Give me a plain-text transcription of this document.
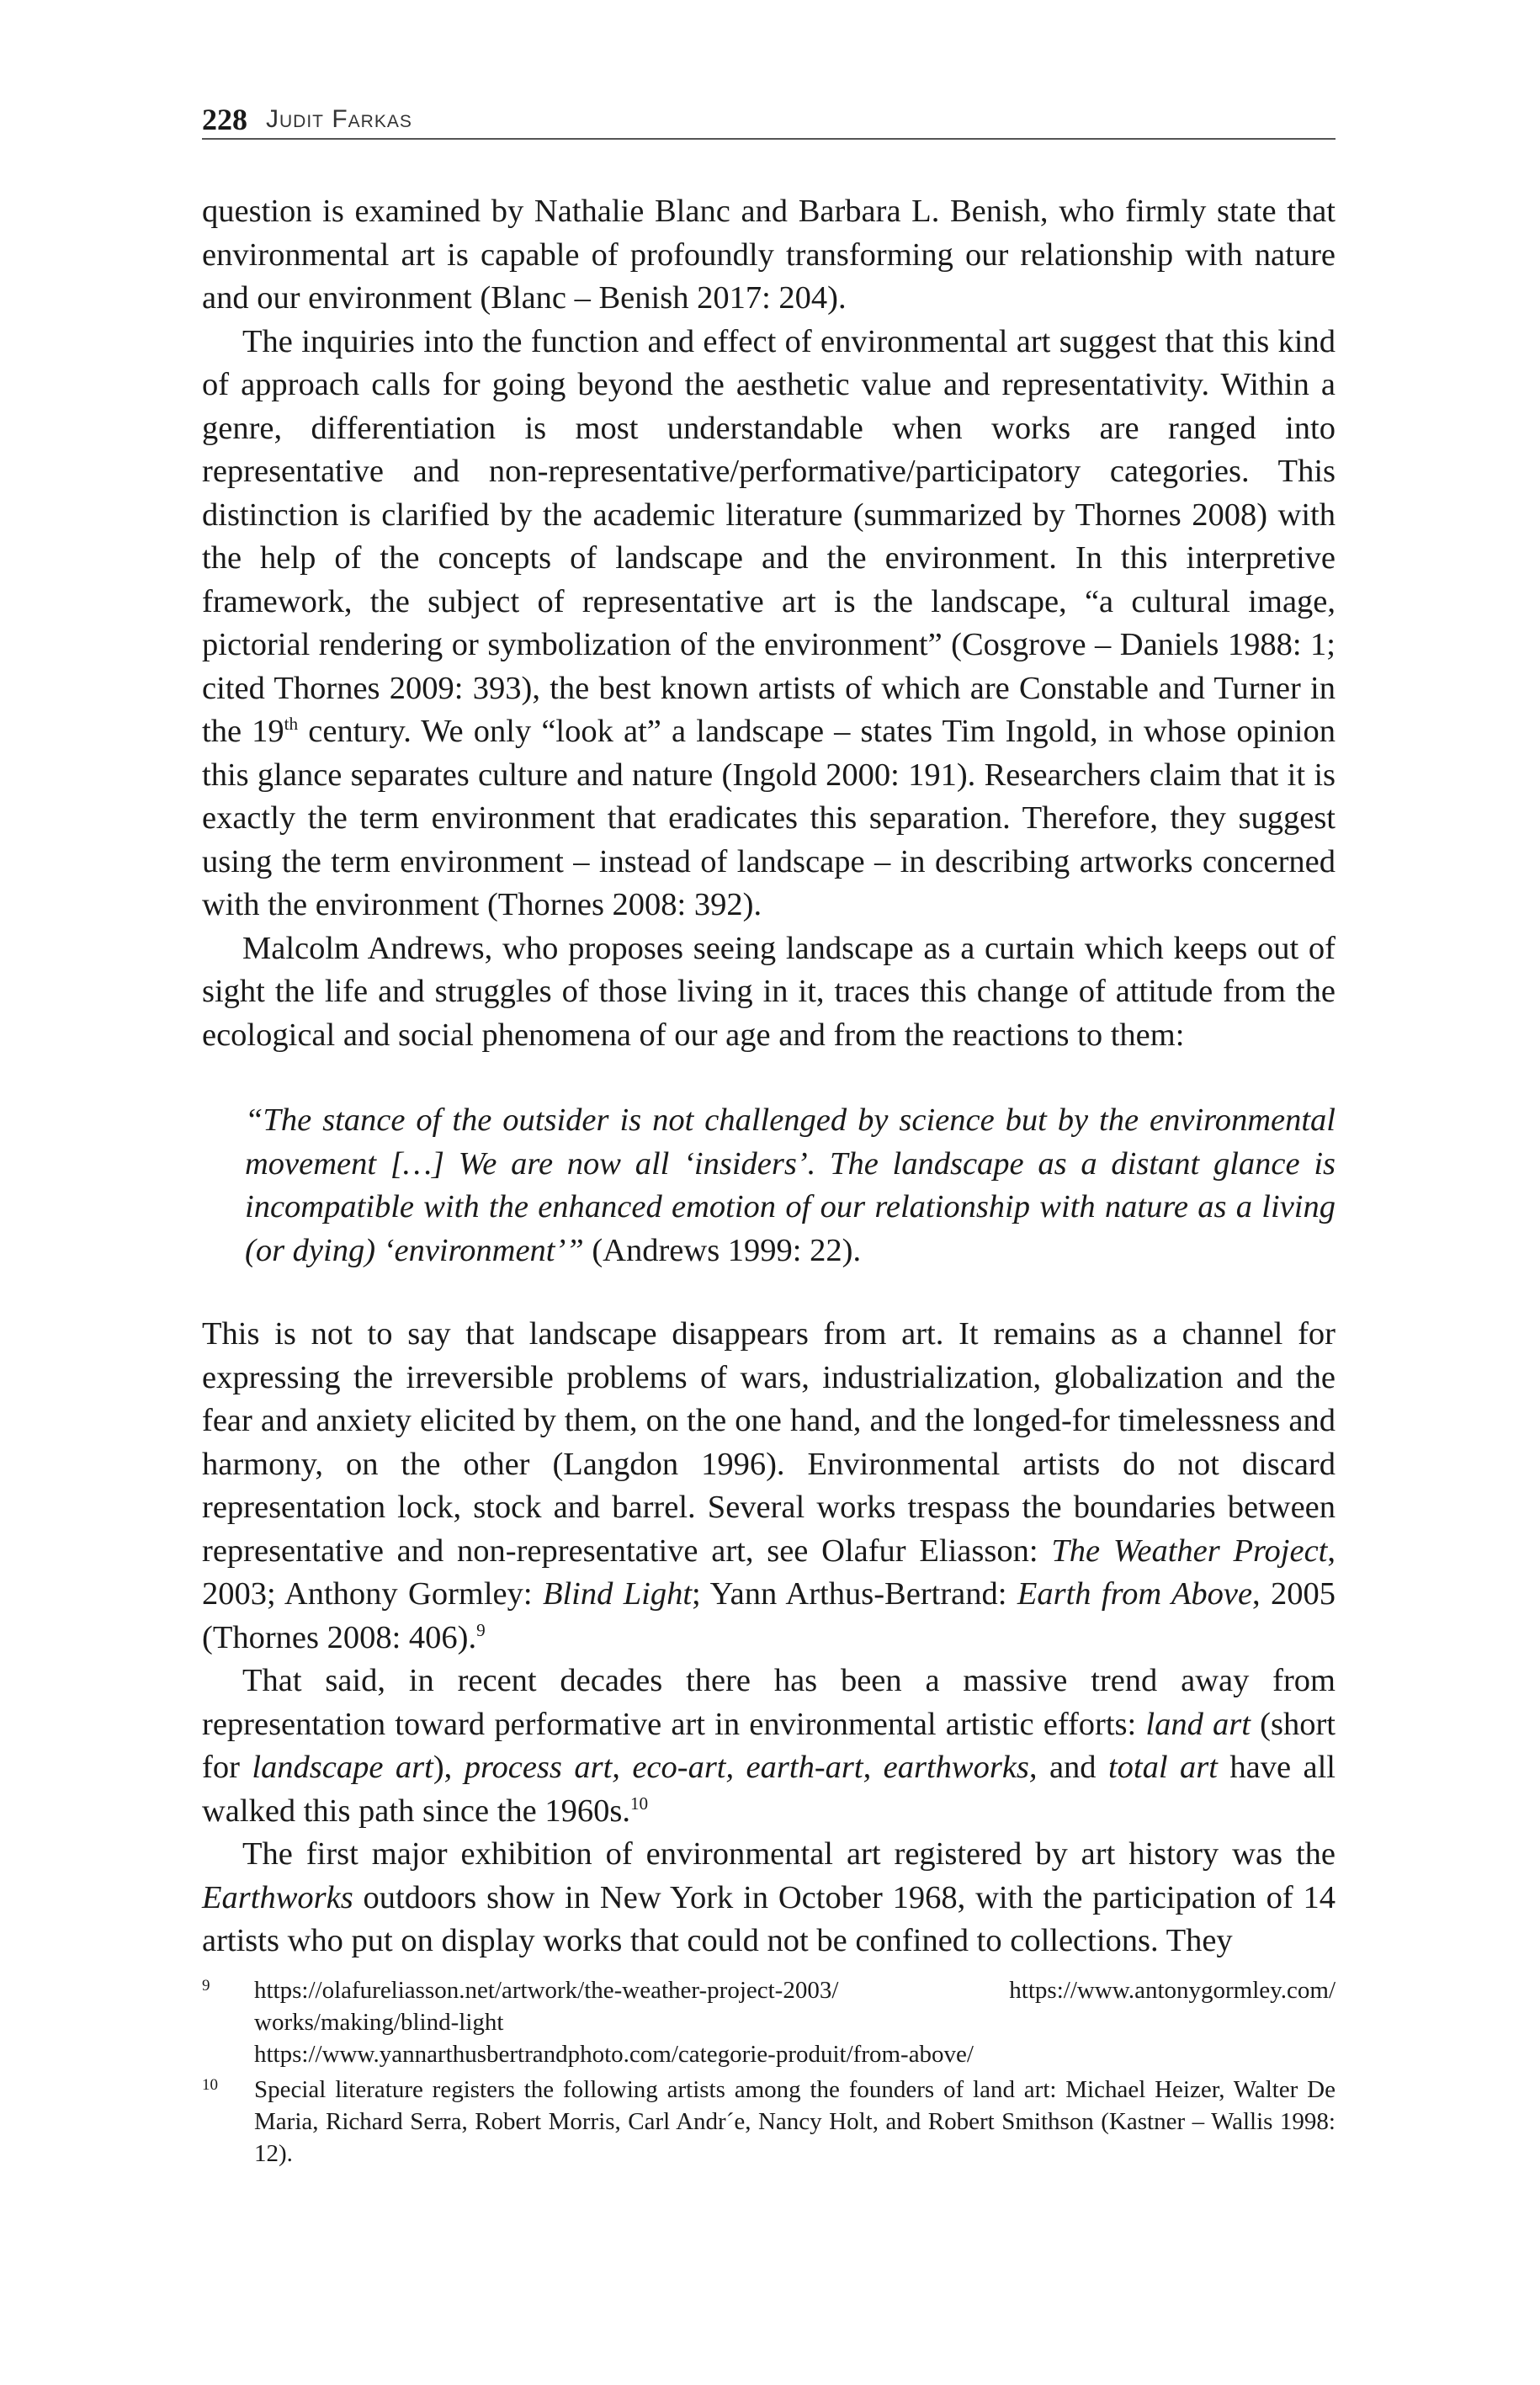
228 Judit Farkas

question is examined by Nathalie Blanc and Barbara L. Benish, who firmly state that environmental art is capable of profoundly transforming our relationship with nature and our environment (Blanc – Benish 2017: 204).

The inquiries into the function and effect of environmental art suggest that this kind of approach calls for going beyond the aesthetic value and representativity. Within a genre, differentiation is most understandable when works are ranged into representative and non-representative/performative/participatory categories. This distinction is clarified by the academic literature (summarized by Thornes 2008) with the help of the concepts of landscape and the environment. In this interpretive framework, the subject of representative art is the landscape, “a cultural image, pictorial rendering or symbolization of the environment” (Cosgrove – Daniels 1988: 1; cited Thornes 2009: 393), the best known artists of which are Constable and Turner in the 19th century. We only “look at” a landscape – states Tim Ingold, in whose opinion this glance separates culture and nature (Ingold 2000: 191). Researchers claim that it is exactly the term environment that eradicates this separation. Therefore, they suggest using the term environment – instead of landscape – in describing artworks concerned with the environment (Thornes 2008: 392).

Malcolm Andrews, who proposes seeing landscape as a curtain which keeps out of sight the life and struggles of those living in it, traces this change of attitude from the ecological and social phenomena of our age and from the reactions to them:

“The stance of the outsider is not challenged by science but by the environmental movement […] We are now all ‘insiders’. The landscape as a distant glance is incompatible with the enhanced emotion of our relationship with nature as a living (or dying) ‘environment’” (Andrews 1999: 22).

This is not to say that landscape disappears from art. It remains as a channel for expressing the irreversible problems of wars, industrialization, globalization and the fear and anxiety elicited by them, on the one hand, and the longed-for timelessness and harmony, on the other (Langdon 1996). Environmental artists do not discard representation lock, stock and barrel. Several works trespass the boundaries between representative and non-representative art, see Olafur Eliasson: The Weather Project, 2003; Anthony Gormley: Blind Light; Yann Arthus-Bertrand: Earth from Above, 2005 (Thornes 2008: 406).$^9$

That said, in recent decades there has been a massive trend away from representation toward performative art in environmental artistic efforts: land art (short for landscape art), process art, eco-art, earth-art, earthworks, and total art have all walked this path since the 1960s.$^{10}$

The first major exhibition of environmental art registered by art history was the Earthworks outdoors show in New York in October 1968, with the participation of 14 artists who put on display works that could not be confined to collections. They

9 https://olafureliasson.net/artwork/the-weather-project-2003/ https://www.antonygormley.com/ works/making/blind-light
https://www.yannarthusbertrandphoto.com/categorie-produit/from-above/
10 Special literature registers the following artists among the founders of land art: Michael Heizer, Walter De Maria, Richard Serra, Robert Morris, Carl Andr´e, Nancy Holt, and Robert Smithson (Kastner – Wallis 1998: 12).
